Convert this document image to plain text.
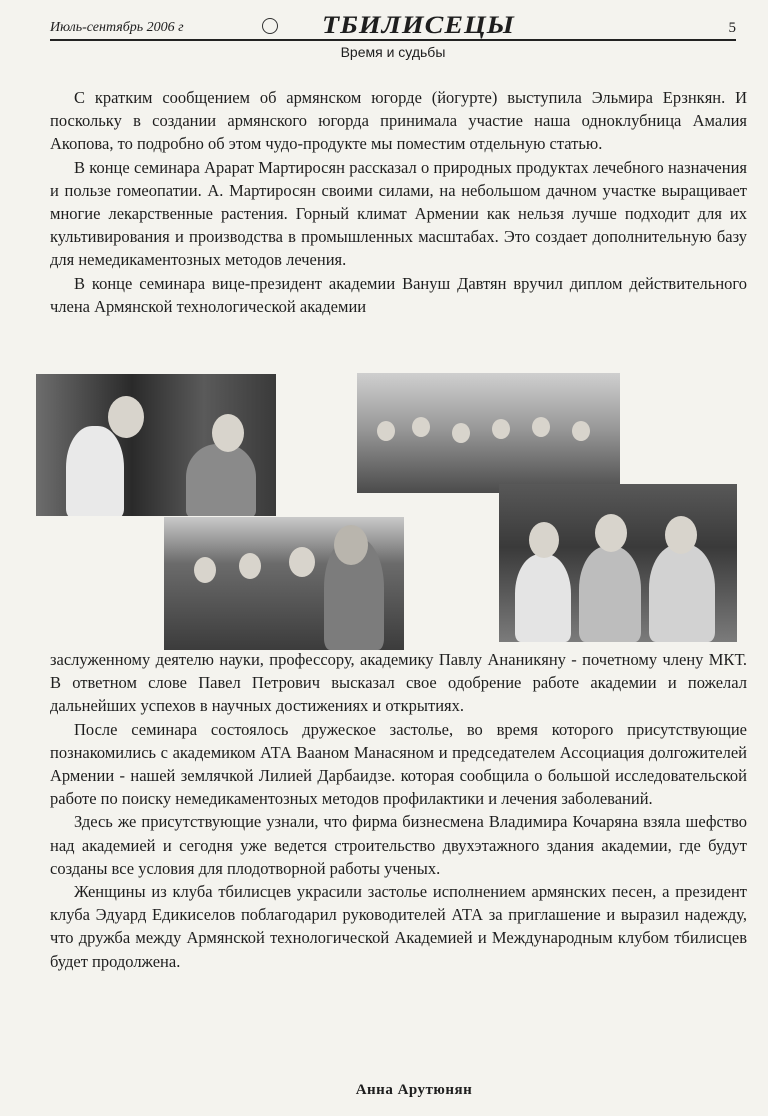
Июль-сентябрь 2006 г	ТБИЛИСЕЦЫ	5
Время и судьбы

С кратким сообщением об армянском югорде (йогурте) выступила Эльмира Ерзнкян. И поскольку в создании армянского югорда принимала участие наша одноклубница Амалия Акопова, то подробно об этом чудо-продукте мы поместим отдельную статью.

В конце семинара Арарат Мартиросян рассказал о природных продуктах лечебного назначения и пользе гомеопатии. А. Мартиросян своими силами, на небольшом дачном участке выращивает многие лекарственные растения. Горный климат Армении как нельзя лучше подходит для их культивирования и производства в промышленных масштабах. Это создает дополнительную базу для немедикаментозных методов лечения.

В конце семинара вице-президент академии Вануш Давтян вручил диплом действительного члена Армянской технологической академии

заслуженному деятелю науки, профессору, академику Павлу Ананикяну - почетному члену МКТ. В ответном слове Павел Петрович высказал свое одобрение работе академии и пожелал дальнейших успехов в научных достижениях и открытиях.

После семинара состоялось дружеское застолье, во время которого присутствующие познакомились с академиком АТА Вааном Манасяном и председателем Ассоциация долгожителей Армении - нашей землячкой Лилией Дарбаидзе. которая сообщила о большой исследовательской работе по поиску немедикаментозных методов профилактики и лечения заболеваний.

Здесь же присутствующие узнали, что фирма бизнесмена Владимира Кочаряна взяла шефство над академией и сегодня уже ведется строительство двухэтажного здания академии, где будут созданы все условия для плодотворной работы ученых.

Женщины из клуба тбилисцев украсили застолье исполнением армянских песен, а президент клуба Эдуард Едикиселов поблагодарил руководителей АТА за приглашение и выразил надежду, что дружба между Армянской технологической Академией и Международным клубом тбилисцев будет продолжена.

Анна Арутюнян
